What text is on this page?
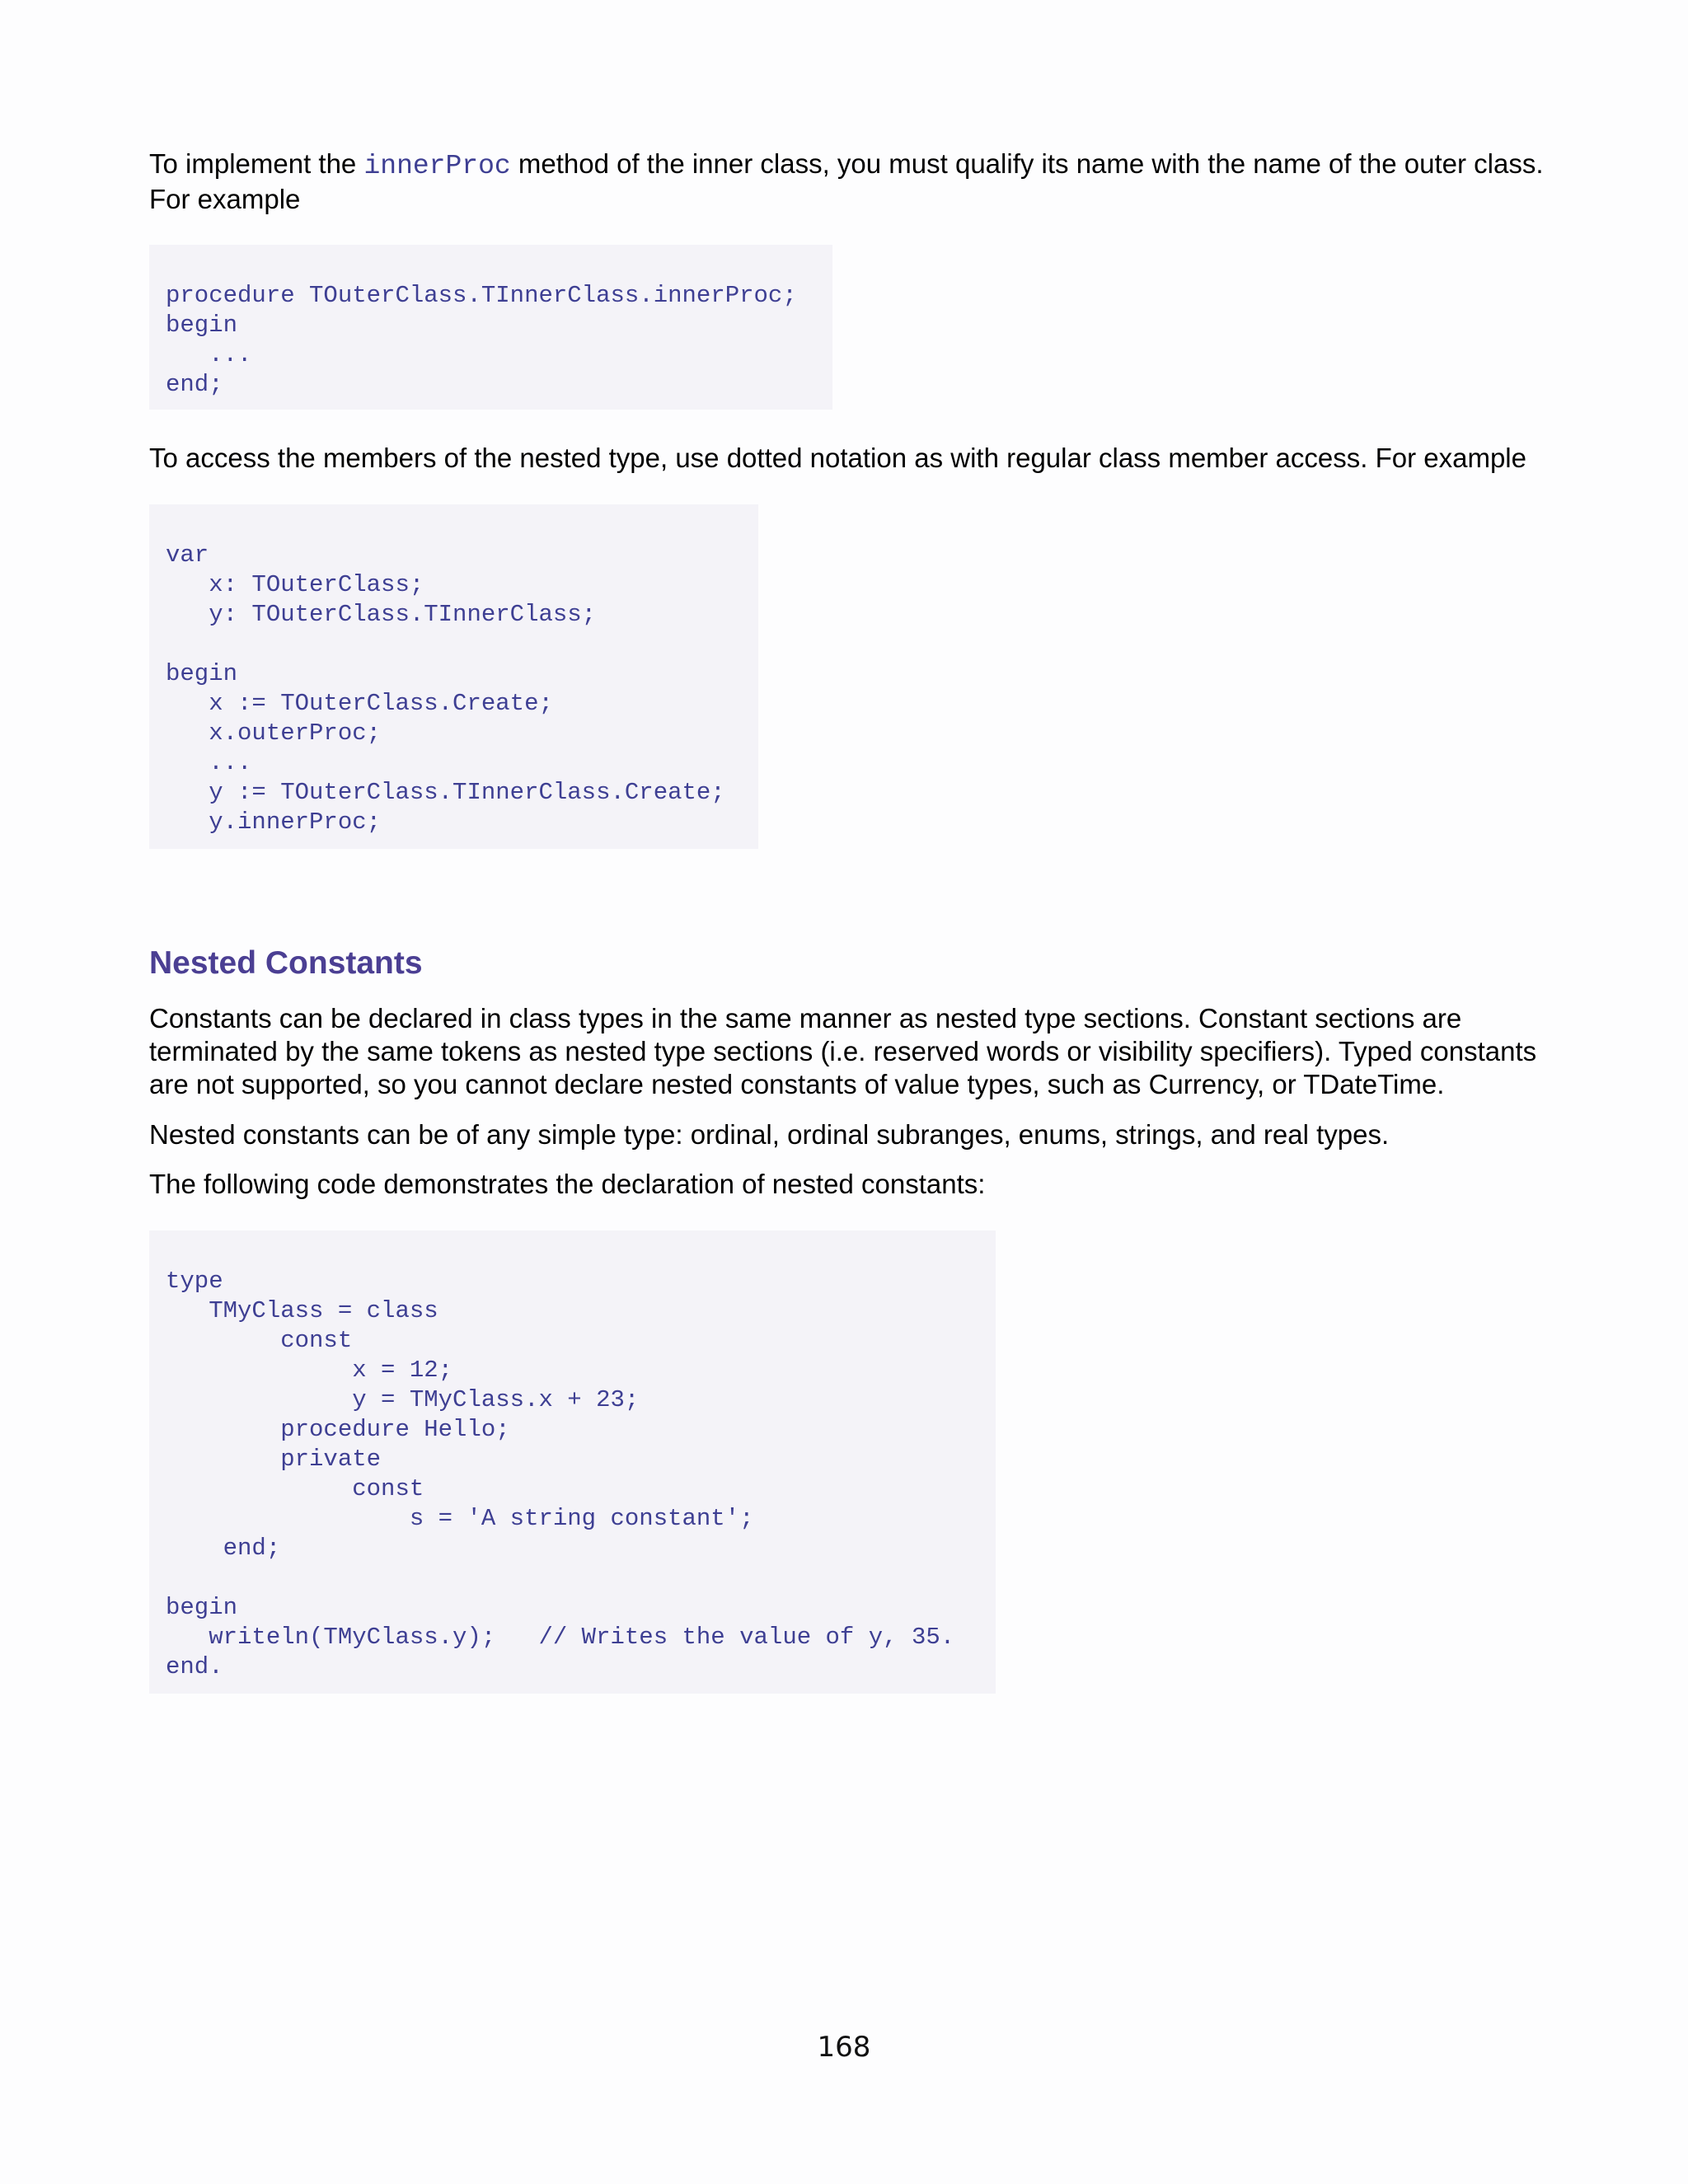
To implement the innerProc method of the inner class, you must qualify its name with the name of the outer class.
For example

procedure TOuterClass.TInnerClass.innerProc;
begin
...
end;

To access the members of the nested type, use dotted notation as with regular class member access. For example

var
x: TOuterClass;
y: TOuterClass.TInnerClass;

begin
x := TOuterClass.Create;
x.outerProc;
...
y := TOuterClass.TInnerClass.Create;
y.innerProc;
Nested Constants

Constants can be declared in class types in the same manner as nested type sections. Constant sections are
terminated by the same tokens as nested type sections (i.e. reserved words or visibility specifiers). Typed constants
are not supported, so you cannot declare nested constants of value types, such as Currency, or TDateTime.

Nested constants can be of any simple type: ordinal, ordinal subranges, enums, strings, and real types.

The following code demonstrates the declaration of nested constants:

type
TMyClass = class
const
x = 12;
y = TMyClass.x + 23;
procedure Hello;
private
const
s = 'A string constant';
end;

begin
writeln(TMyClass.y);   // Writes the value of y, 35.
end.
168
